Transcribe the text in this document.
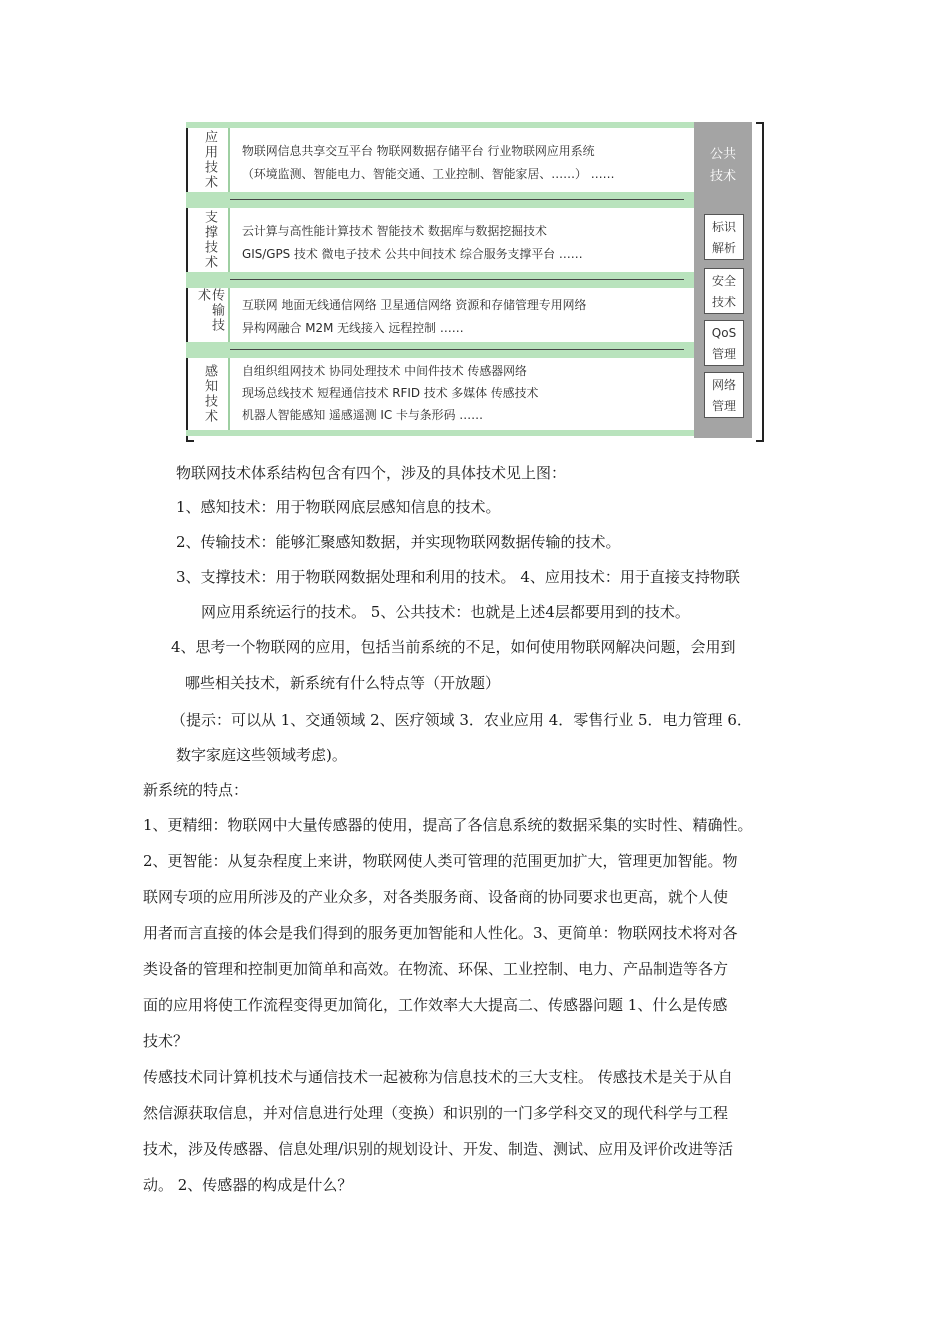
应用技术 物联网信息共享交互平台 物联网数据存储平台 行业物联网应用系统
（环境监测、智能电力、智能交通、工业控制、智能家居、……） ……
支撑技术 云计算与高性能计算技术 智能技术 数据库与数据挖掘技术
GIS/GPS 技术 微电子技术 公共中间技术 综合服务支撑平台 ……
传输技术
互联网 地面无线通信网络 卫星通信网络 资源和存储管理专用网络
异构网融合 M2M 无线接入 远程控制 ……
感知技术 自组织组网技术 协同处理技术 中间件技术 传感器网络
现场总线技术 短程通信技术 RFID 技术 多媒体 传感技术
机器人智能感知 遥感遥测 IC 卡与条形码 ……
公共
技术
标识
解析
安全
技术
QoS
管理
网络
管理
物联网技术体系结构包含有四个，涉及的具体技术见上图：
1、感知技术：用于物联网底层感知信息的技术。
2、传输技术：能够汇聚感知数据，并实现物联网数据传输的技术。
3、支撑技术：用于物联网数据处理和利用的技术。 4、应用技术：用于直接支持物联
网应用系统运行的技术。 5、公共技术：也就是上述4层都要用到的技术。
4、思考一个物联网的应用，包括当前系统的不足，如何使用物联网解决问题，会用到
哪些相关技术，新系统有什么特点等（开放题）
（提示：可以从 1、交通领域 2、医疗领域 3．农业应用 4．零售行业 5．电力管理 6．
数字家庭这些领域考虑)。
新系统的特点：
1、更精细：物联网中大量传感器的使用，提高了各信息系统的数据采集的实时性、精确性。
2、更智能：从复杂程度上来讲，物联网使人类可管理的范围更加扩大，管理更加智能。物
联网专项的应用所涉及的产业众多，对各类服务商、设备商的协同要求也更高，就个人使
用者而言直接的体会是我们得到的服务更加智能和人性化。3、更简单：物联网技术将对各
类设备的管理和控制更加简单和高效。在物流、环保、工业控制、电力、产品制造等各方
面的应用将使工作流程变得更加简化，工作效率大大提高二、传感器问题 1、什么是传感
技术？
传感技术同计算机技术与通信技术一起被称为信息技术的三大支柱。 传感技术是关于从自
然信源获取信息，并对信息进行处理（变换）和识别的一门多学科交叉的现代科学与工程
技术，涉及传感器、信息处理/识别的规划设计、开发、制造、测试、应用及评价改进等活
动。 2、传感器的构成是什么？
